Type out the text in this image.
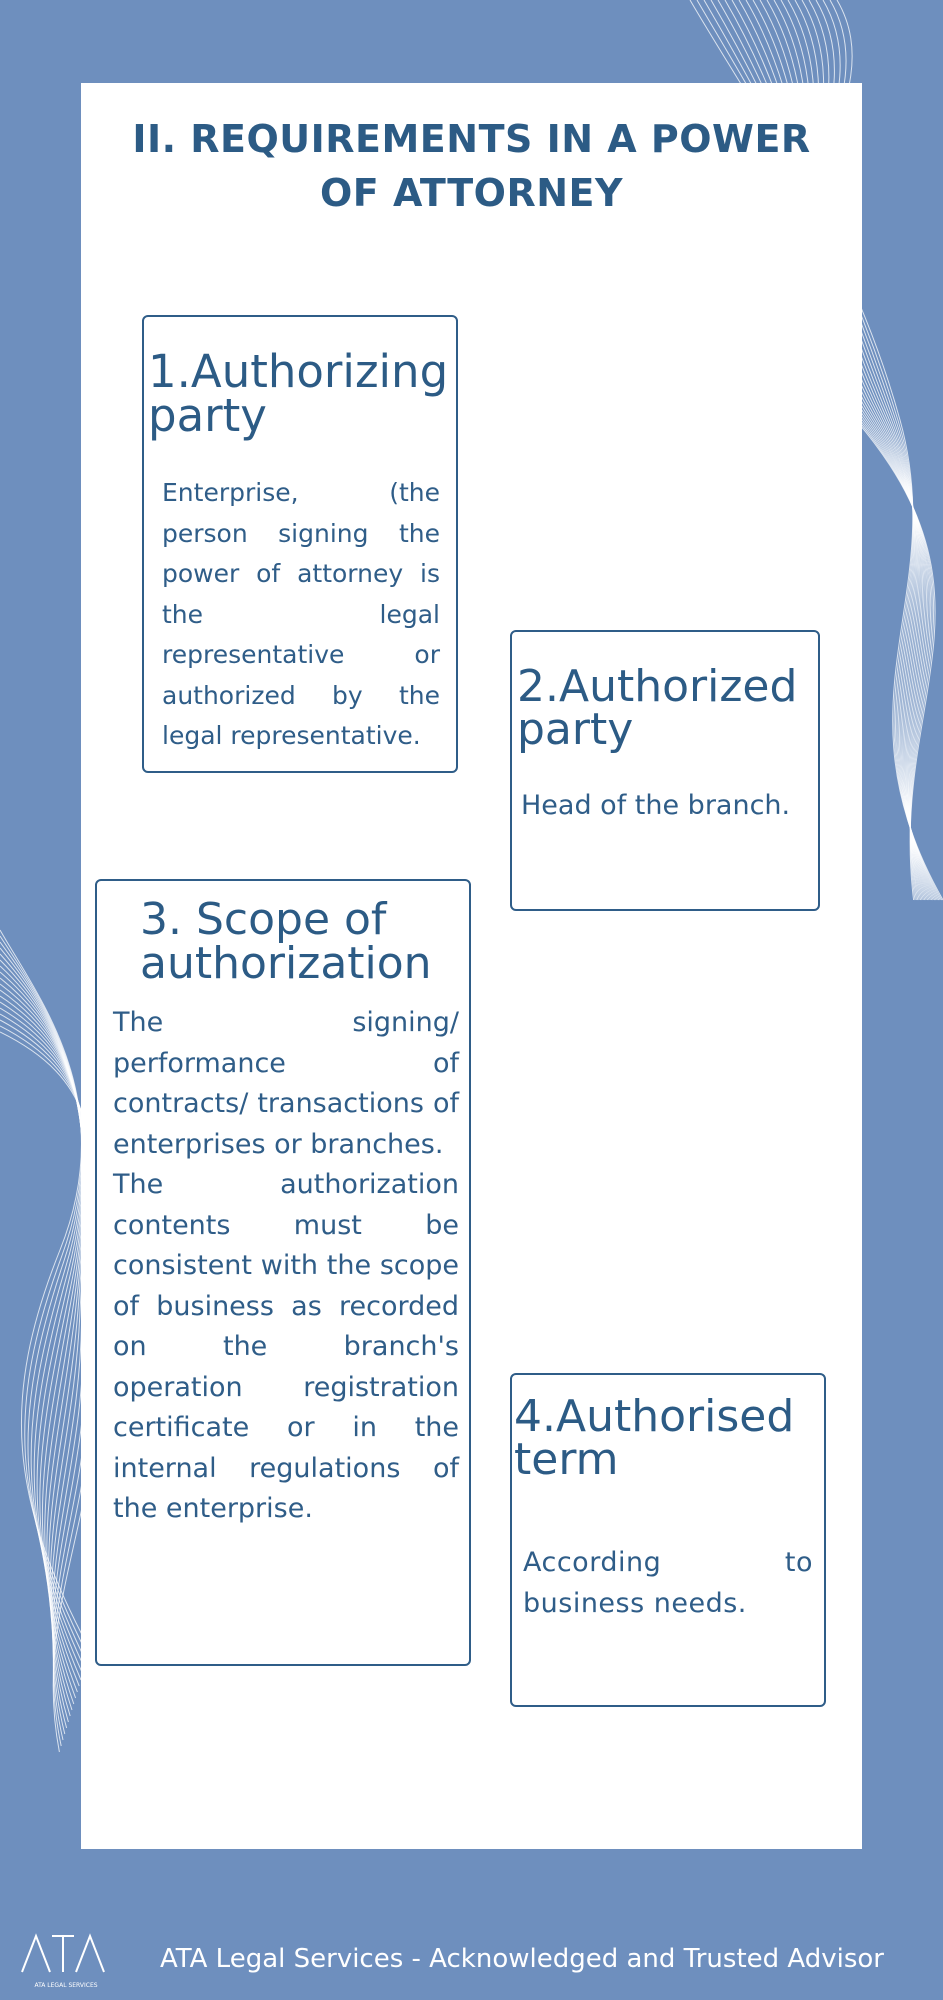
II. REQUIREMENTS IN A POWER OF ATTORNEY
1.Authorizing party
Enterprise, (the person signing the power of attorney is the legal representative or authorized by the legal representative.
2.Authorized party
Head of the branch.
3. Scope of authorization
The signing/ performance of contracts/ transactions of enterprises or branches.
The authorization contents must be consistent with the scope of business as recorded on the branch's operation registration certificate or in the internal regulations of the enterprise.
4.Authorised term
According to business needs.
ATA LEGAL SERVICES
ATA Legal Services - Acknowledged and Trusted Advisor
